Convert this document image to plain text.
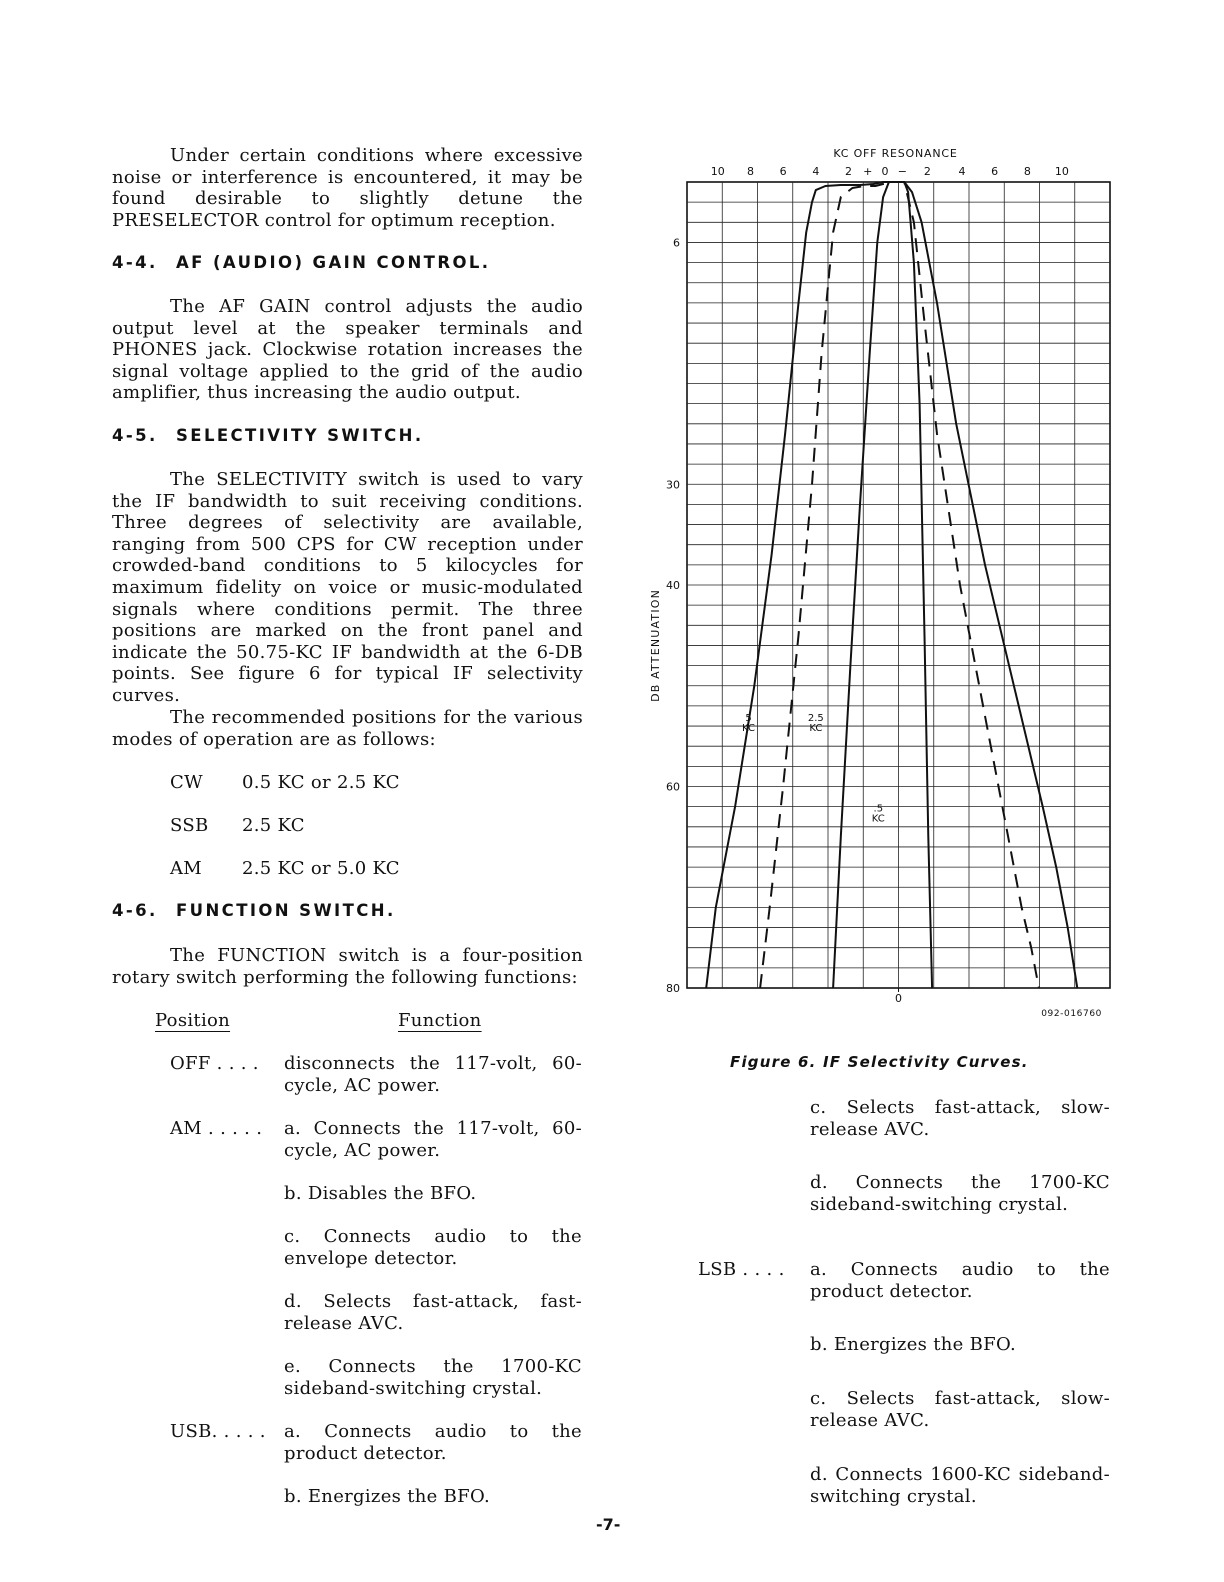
Under certain conditions where excessive noise or interference is encountered, it may be found desirable to slightly detune the PRESELECTOR control for optimum reception.
4-4. AF (AUDIO) GAIN CONTROL.
The AF GAIN control adjusts the audio output level at the speaker terminals and PHONES jack. Clockwise rotation increases the signal voltage applied to the grid of the audio amplifier, thus increasing the audio output.
4-5. SELECTIVITY SWITCH.
The SELECTIVITY switch is used to vary the IF bandwidth to suit receiving conditions. Three degrees of selectivity are available, ranging from 500 CPS for CW reception under crowded-band conditions to 5 kilocycles for maximum fidelity on voice or music-modulated signals where conditions permit. The three positions are marked on the front panel and indicate the 50.75-KC IF bandwidth at the 6-DB points. See figure 6 for typical IF selectivity curves.
The recommended positions for the various modes of operation are as follows:
CW 0.5 KC or 2.5 KC
SSB 2.5 KC
AM 2.5 KC or 5.0 KC
4-6. FUNCTION SWITCH.
The FUNCTION switch is a four-position rotary switch performing the following functions:
Position	Function
OFF . . . . disconnects the 117-volt, 60-cycle, AC power.
AM . . . . . a. Connects the 117-volt, 60-cycle, AC power.
b. Disables the BFO.
c. Connects audio to the envelope detector.
d. Selects fast-attack, fast-release AVC.
e. Connects the 1700-KC sideband-switching crystal.
USB. . . . . a. Connects audio to the product detector.
b. Energizes the BFO.
KC OFF RESONANCE
DB ATTENUATION
0
092-016760
10 8 6 4 2 + 0 − 2	4 6 8 10
6
30
40
60
80
5
KC
2.5
KC
.5
KC
Figure 6. IF Selectivity Curves.
c. Selects fast-attack, slow-release AVC.
d. Connects the 1700-KC sideband-switching crystal.
LSB . . . . a. Connects audio to the product detector.
b. Energizes the BFO.
c. Selects fast-attack, slow-release AVC.
d. Connects 1600-KC sideband-switching crystal.
-7-
